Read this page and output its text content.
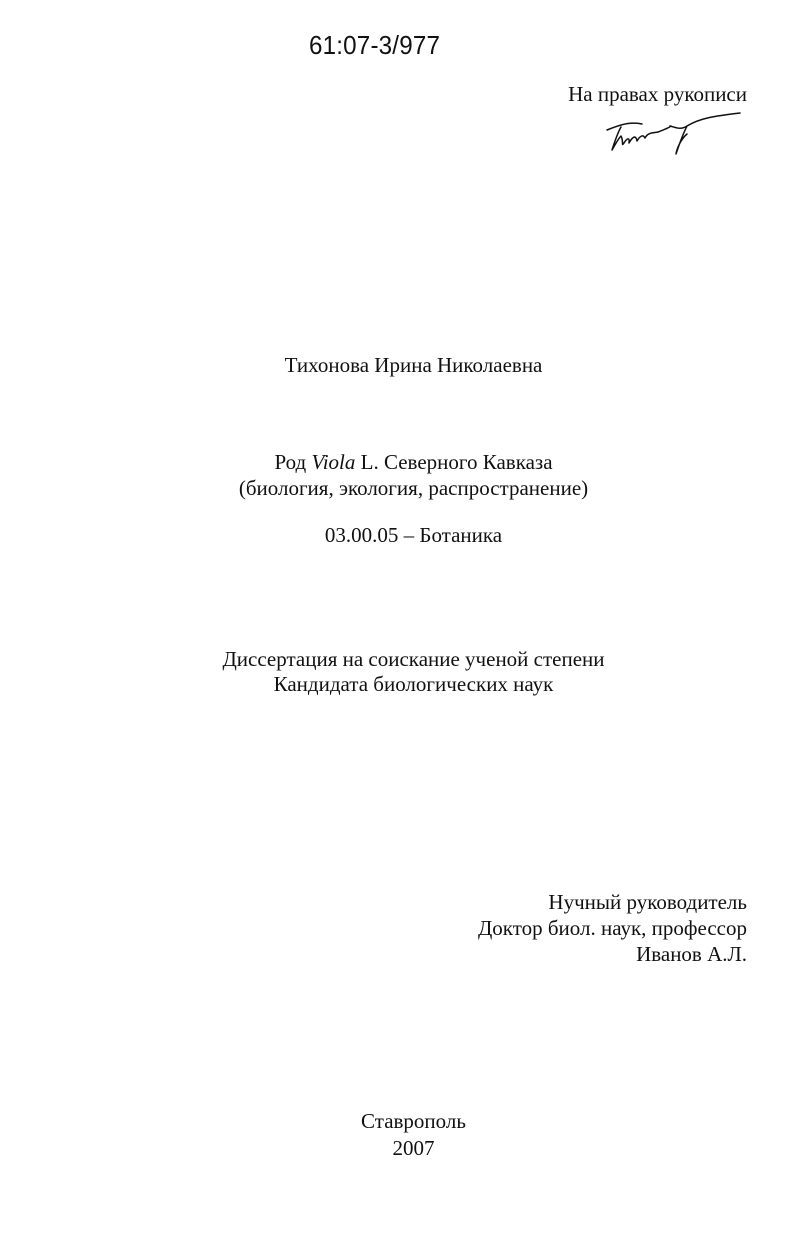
61:07-3/977
На правах рукописи
Тихонова Ирина Николаевна
Род Viola L. Северного Кавказа
(биология, экология, распространение)
03.00.05 – Ботаника
Диссертация на соискание ученой степени
Кандидата биологических наук
Нучный руководитель
Доктор биол. наук, профессор
Иванов А.Л.
Ставрополь
2007
